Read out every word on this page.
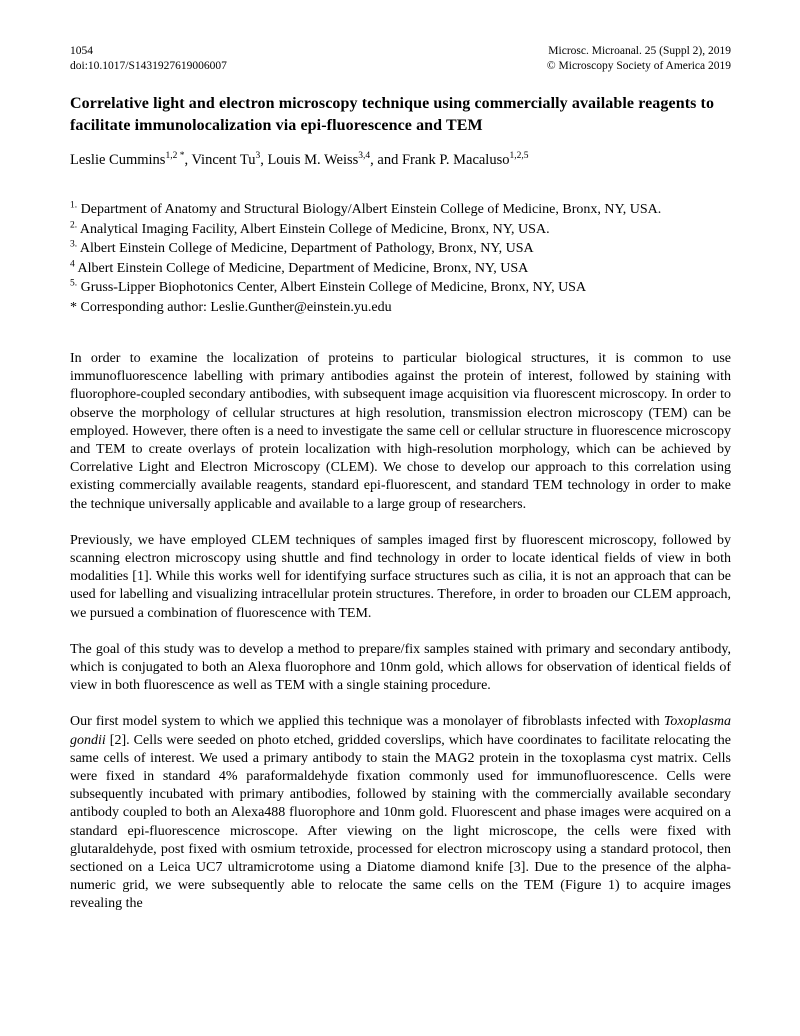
1054
doi:10.1017/S1431927619006007
Microsc. Microanal. 25 (Suppl 2), 2019
© Microscopy Society of America 2019
Correlative light and electron microscopy technique using commercially available reagents to facilitate immunolocalization via epi-fluorescence and TEM

Leslie Cummins$^{1,2 *}$, Vincent Tu$^3$, Louis M. Weiss$^{3,4}$, and Frank P. Macaluso$^{1,2,5}$

$^{1.}$ Department of Anatomy and Structural Biology/Albert Einstein College of Medicine, Bronx, NY, USA.
$^{2.}$ Analytical Imaging Facility, Albert Einstein College of Medicine, Bronx, NY, USA.
$^{3.}$ Albert Einstein College of Medicine, Department of Pathology, Bronx, NY, USA
$^4$ Albert Einstein College of Medicine, Department of Medicine, Bronx, NY, USA
$^{5.}$ Gruss-Lipper Biophotonics Center, Albert Einstein College of Medicine, Bronx, NY, USA
* Corresponding author: Leslie.Gunther@einstein.yu.edu

In order to examine the localization of proteins to particular biological structures, it is common to use immunofluorescence labelling with primary antibodies against the protein of interest, followed by staining with fluorophore-coupled secondary antibodies, with subsequent image acquisition via fluorescent microscopy. In order to observe the morphology of cellular structures at high resolution, transmission electron microscopy (TEM) can be employed. However, there often is a need to investigate the same cell or cellular structure in fluorescence microscopy and TEM to create overlays of protein localization with high-resolution morphology, which can be achieved by Correlative Light and Electron Microscopy (CLEM). We chose to develop our approach to this correlation using existing commercially available reagents, standard epi-fluorescent, and standard TEM technology in order to make the technique universally applicable and available to a large group of researchers.

Previously, we have employed CLEM techniques of samples imaged first by fluorescent microscopy, followed by scanning electron microscopy using shuttle and find technology in order to locate identical fields of view in both modalities [1]. While this works well for identifying surface structures such as cilia, it is not an approach that can be used for labelling and visualizing intracellular protein structures. Therefore, in order to broaden our CLEM approach, we pursued a combination of fluorescence with TEM.

The goal of this study was to develop a method to prepare/fix samples stained with primary and secondary antibody, which is conjugated to both an Alexa fluorophore and 10nm gold, which allows for observation of identical fields of view in both fluorescence as well as TEM with a single staining procedure.

Our first model system to which we applied this technique was a monolayer of fibroblasts infected with Toxoplasma gondii [2]. Cells were seeded on photo etched, gridded coverslips, which have coordinates to facilitate relocating the same cells of interest. We used a primary antibody to stain the MAG2 protein in the toxoplasma cyst matrix. Cells were fixed in standard 4% paraformaldehyde fixation commonly used for immunofluorescence. Cells were subsequently incubated with primary antibodies, followed by staining with the commercially available secondary antibody coupled to both an Alexa488 fluorophore and 10nm gold. Fluorescent and phase images were acquired on a standard epi-fluorescence microscope. After viewing on the light microscope, the cells were fixed with glutaraldehyde, post fixed with osmium tetroxide, processed for electron microscopy using a standard protocol, then sectioned on a Leica UC7 ultramicrotome using a Diatome diamond knife [3]. Due to the presence of the alpha-numeric grid, we were subsequently able to relocate the same cells on the TEM (Figure 1) to acquire images revealing the
